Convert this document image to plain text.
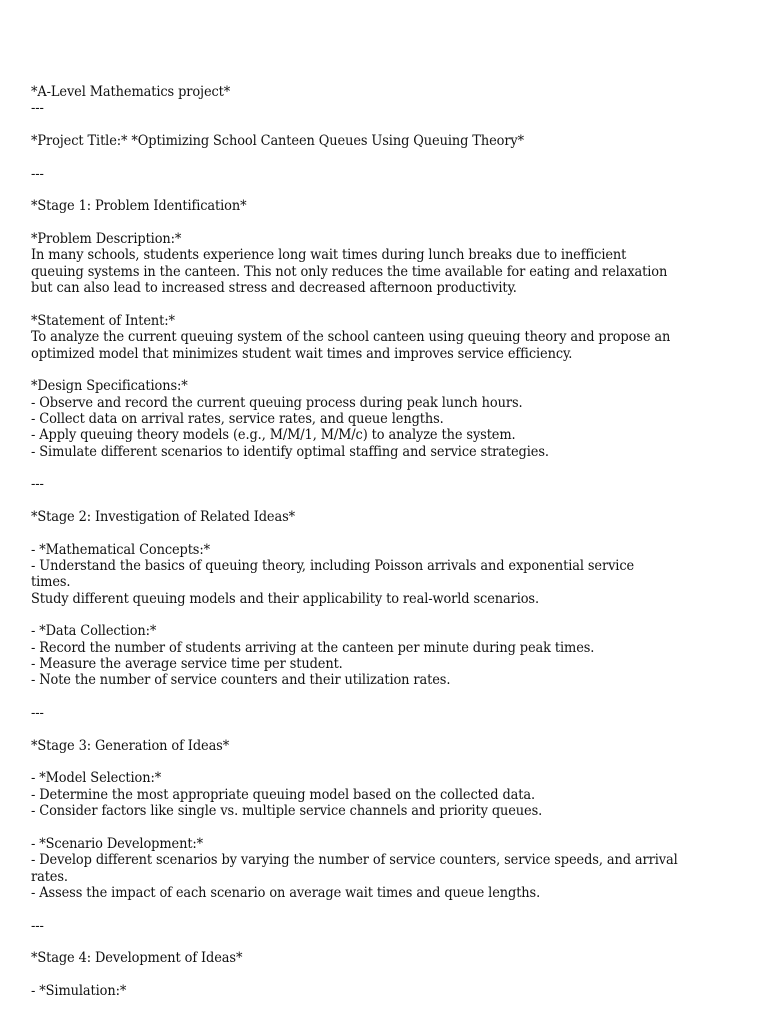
*A-Level Mathematics project*
---
*Project Title:* *Optimizing School Canteen Queues Using Queuing Theory*
---
*Stage 1: Problem Identification*
*Problem Description:*
In many schools, students experience long wait times during lunch breaks due to inefficient
queuing systems in the canteen. This not only reduces the time available for eating and relaxation
but can also lead to increased stress and decreased afternoon productivity.
*Statement of Intent:*
To analyze the current queuing system of the school canteen using queuing theory and propose an
optimized model that minimizes student wait times and improves service efficiency.
*Design Specifications:*
- Observe and record the current queuing process during peak lunch hours.
- Collect data on arrival rates, service rates, and queue lengths.
- Apply queuing theory models (e.g., M/M/1, M/M/c) to analyze the system.
- Simulate different scenarios to identify optimal staffing and service strategies.
---
*Stage 2: Investigation of Related Ideas*
- *Mathematical Concepts:*
- Understand the basics of queuing theory, including Poisson arrivals and exponential service
times.
Study different queuing models and their applicability to real-world scenarios.
- *Data Collection:*
- Record the number of students arriving at the canteen per minute during peak times.
- Measure the average service time per student.
- Note the number of service counters and their utilization rates.
---
*Stage 3: Generation of Ideas*
- *Model Selection:*
- Determine the most appropriate queuing model based on the collected data.
- Consider factors like single vs. multiple service channels and priority queues.
- *Scenario Development:*
- Develop different scenarios by varying the number of service counters, service speeds, and arrival
rates.
- Assess the impact of each scenario on average wait times and queue lengths.
---
*Stage 4: Development of Ideas*
- *Simulation:*
